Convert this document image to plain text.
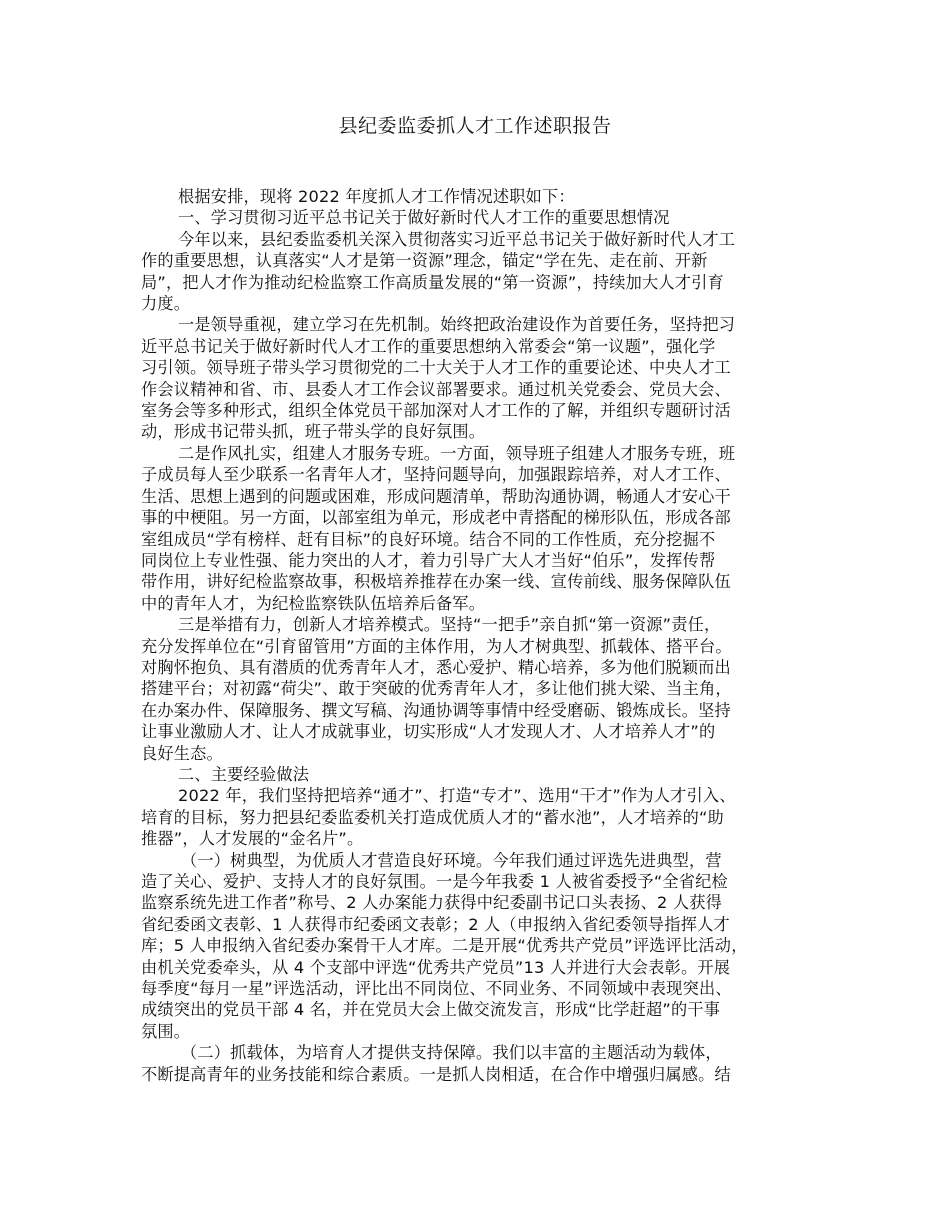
县纪委监委抓人才工作述职报告

根据安排，现将 2022 年度抓人才工作情况述职如下：

一、学习贯彻习近平总书记关于做好新时代人才工作的重要思想情况

今年以来，县纪委监委机关深入贯彻落实习近平总书记关于做好新时代人才工

作的重要思想，认真落实“人才是第一资源”理念，锚定“学在先、走在前、开新

局”，把人才作为推动纪检监察工作高质量发展的“第一资源”，持续加大人才引育

力度。

一是领导重视，建立学习在先机制。始终把政治建设作为首要任务，坚持把习

近平总书记关于做好新时代人才工作的重要思想纳入常委会“第一议题”，强化学

习引领。领导班子带头学习贯彻党的二十大关于人才工作的重要论述、中央人才工

作会议精神和省、市、县委人才工作会议部署要求。通过机关党委会、党员大会、

室务会等多种形式，组织全体党员干部加深对人才工作的了解，并组织专题研讨活

动，形成书记带头抓，班子带头学的良好氛围。

二是作风扎实，组建人才服务专班。一方面，领导班子组建人才服务专班，班

子成员每人至少联系一名青年人才，坚持问题导向，加强跟踪培养，对人才工作、

生活、思想上遇到的问题或困难，形成问题清单，帮助沟通协调，畅通人才安心干

事的中梗阻。另一方面，以部室组为单元，形成老中青搭配的梯形队伍，形成各部

室组成员“学有榜样、赶有目标”的良好环境。结合不同的工作性质，充分挖掘不

同岗位上专业性强、能力突出的人才，着力引导广大人才当好“伯乐”，发挥传帮

带作用，讲好纪检监察故事，积极培养推荐在办案一线、宣传前线、服务保障队伍

中的青年人才，为纪检监察铁队伍培养后备军。

三是举措有力，创新人才培养模式。坚持“一把手”亲自抓“第一资源”责任，

充分发挥单位在“引育留管用”方面的主体作用，为人才树典型、抓载体、搭平台。

对胸怀抱负、具有潜质的优秀青年人才，悉心爱护、精心培养，多为他们脱颖而出

搭建平台；对初露“荷尖”、敢于突破的优秀青年人才，多让他们挑大梁、当主角，

在办案办件、保障服务、撰文写稿、沟通协调等事情中经受磨砺、锻炼成长。坚持

让事业激励人才、让人才成就事业，切实形成“人才发现人才、人才培养人才”的

良好生态。

二、主要经验做法

2022 年，我们坚持把培养“通才”、打造“专才”、选用“干才”作为人才引入、

培育的目标，努力把县纪委监委机关打造成优质人才的“蓄水池”，人才培养的“助

推器”，人才发展的“金名片”。

（一）树典型，为优质人才营造良好环境。今年我们通过评选先进典型，营

造了关心、爱护、支持人才的良好氛围。一是今年我委 1 人被省委授予“全省纪检

监察系统先进工作者”称号、2 人办案能力获得中纪委副书记口头表扬、2 人获得

省纪委函文表彰、1 人获得市纪委函文表彰；2 人（申报纳入省纪委领导指挥人才

库；5 人申报纳入省纪委办案骨干人才库。二是开展“优秀共产党员”评选评比活动，

由机关党委牵头，从 4 个支部中评选“优秀共产党员”13 人并进行大会表彰。开展

每季度“每月一星”评选活动，评比出不同岗位、不同业务、不同领域中表现突出、

成绩突出的党员干部 4 名，并在党员大会上做交流发言，形成“比学赶超”的干事

氛围。

（二）抓载体，为培育人才提供支持保障。我们以丰富的主题活动为载体，

不断提高青年的业务技能和综合素质。一是抓人岗相适，在合作中增强归属感。结
